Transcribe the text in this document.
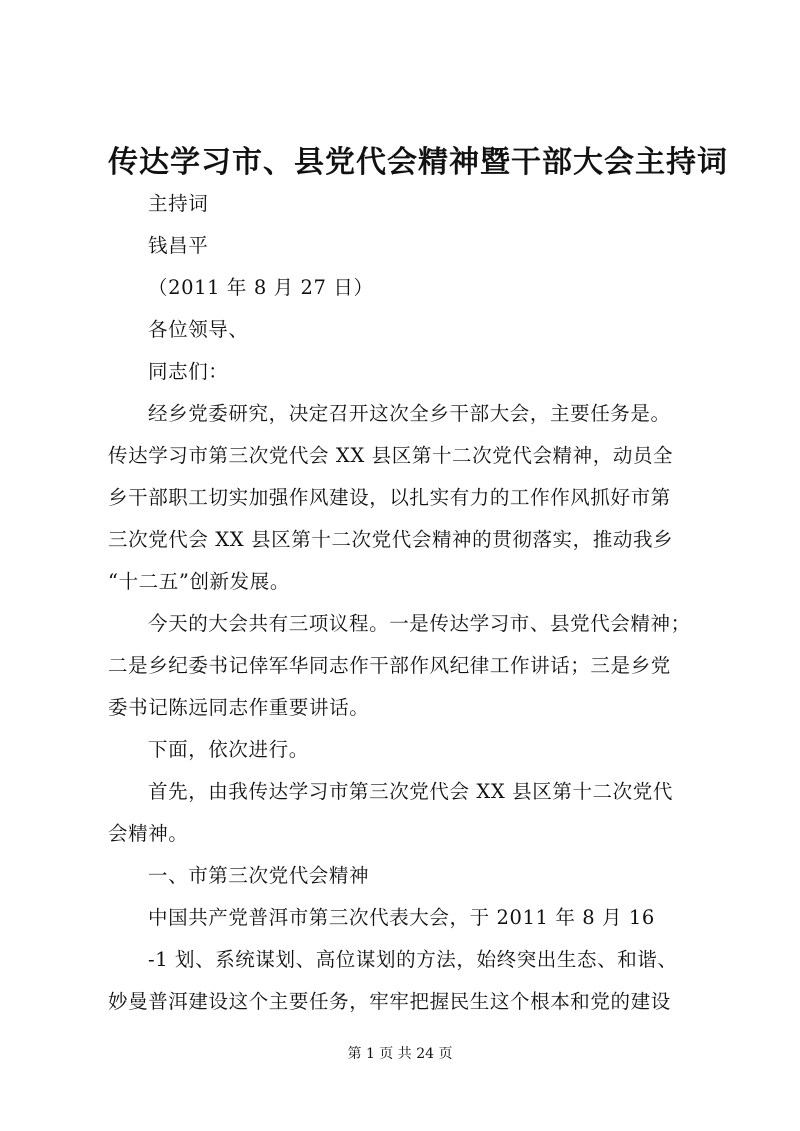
传达学习市、县党代会精神暨干部大会主持词
主持词
钱昌平
（2011 年 8 月 27 日）
各位领导、
同志们：
经乡党委研究，决定召开这次全乡干部大会，主要任务是。
传达学习市第三次党代会 XX 县区第十二次党代会精神，动员全
乡干部职工切实加强作风建设，以扎实有力的工作作风抓好市第
三次党代会 XX 县区第十二次党代会精神的贯彻落实，推动我乡
“十二五”创新发展。
今天的大会共有三项议程。一是传达学习市、县党代会精神；
二是乡纪委书记倖军华同志作干部作风纪律工作讲话；三是乡党
委书记陈远同志作重要讲话。
下面，依次进行。
首先，由我传达学习市第三次党代会 XX 县区第十二次党代
会精神。
一、市第三次党代会精神
中国共产党普洱市第三次代表大会，于 2011 年 8 月 16
-1 划、系统谋划、高位谋划的方法，始终突出生态、和谐、
妙曼普洱建设这个主要任务，牢牢把握民生这个根本和党的建设
第 1 页 共 24 页
